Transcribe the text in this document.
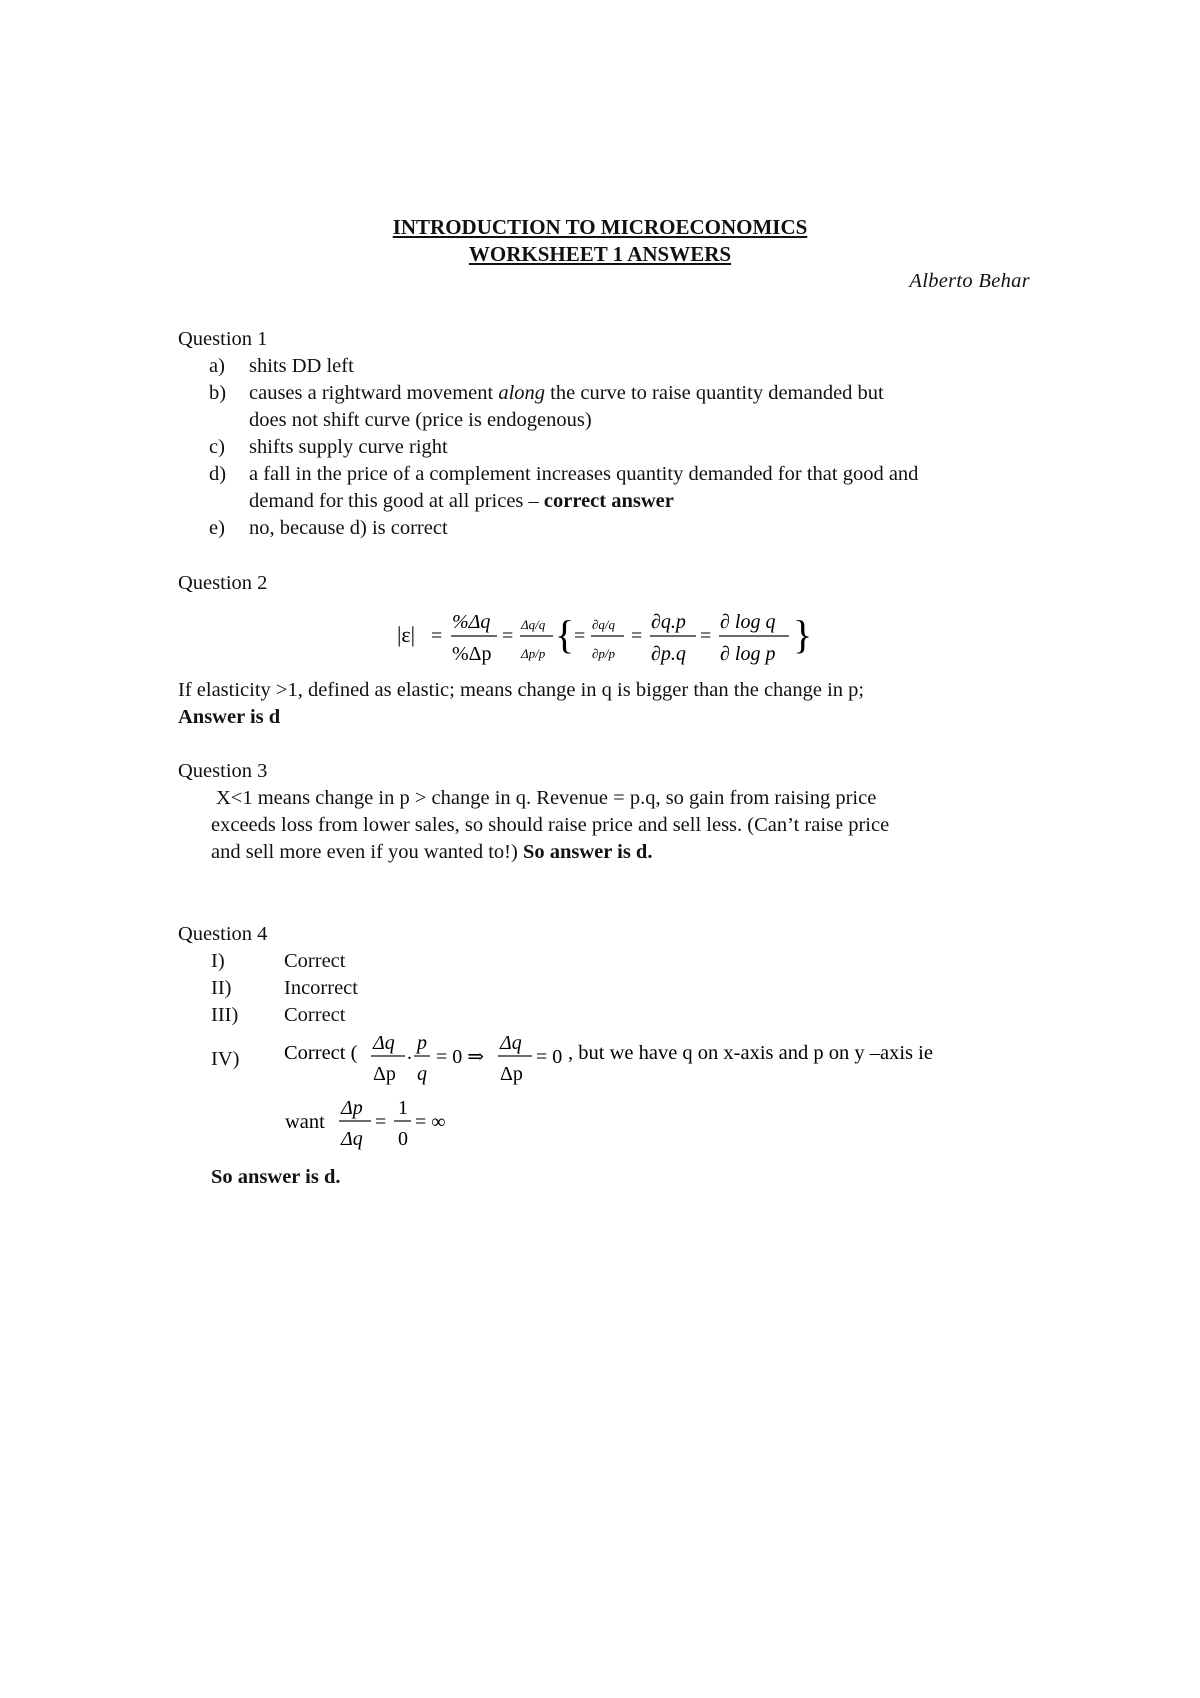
INTRODUCTION TO MICROECONOMICS
WORKSHEET 1 ANSWERS
Alberto Behar
Question 1
a)	shits DD left
b)	causes a rightward movement along the curve to raise quantity demanded but
does not shift curve (price is endogenous)
c)	shifts supply curve right
d)	a fall in the price of a complement increases quantity demanded for that good and
demand for this good at all prices – correct answer
e)	no, because d) is correct
Question 2
|ε| =
%Δq
%Δp
=
Δq/q
Δp/p { =
∂q/q
∂p/p
=
∂q.p
∂p.q
=
∂ log q
∂ log p }
If elasticity >1, defined as elastic; means change in q is bigger than the change in p;
Answer is d
Question 3
X<1 means change in p > change in q. Revenue = p.q, so gain from raising price
exceeds loss from lower sales, so should raise price and sell less. (Can’t raise price
and sell more even if you wanted to!) So answer is d.
Question 4
I)	Correct
II)	Incorrect
III)	Correct
IV)	Correct ( Δq
Δp
. p
q
= 0 ⇒
Δq
Δp
= 0 , but we have q on x-axis and p on y –axis ie
want
Δp
Δq
=
1
0
= ∞
So answer is d.
